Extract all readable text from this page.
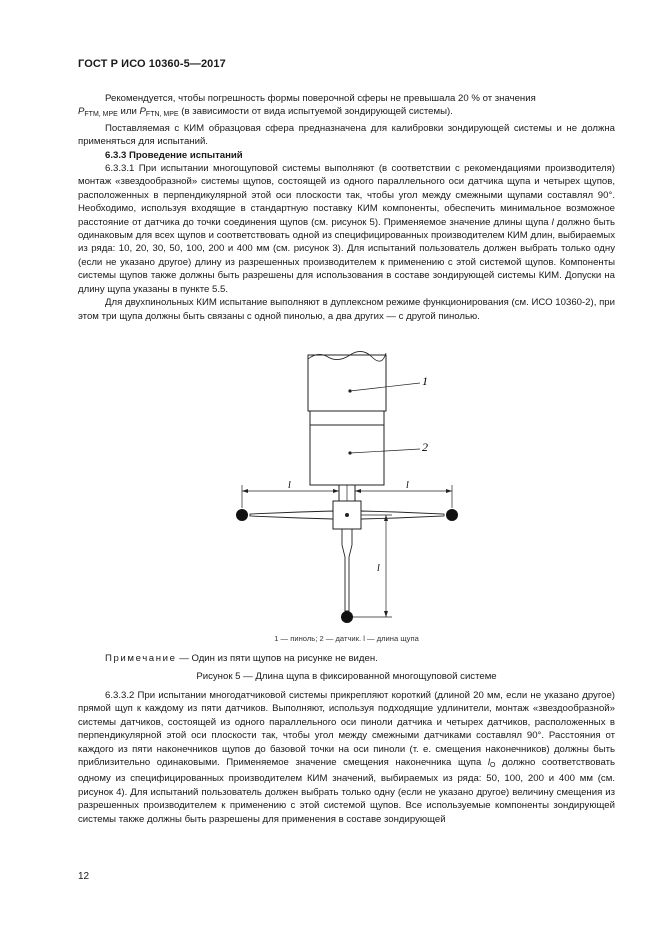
ГОСТ Р ИСО 10360-5—2017

Рекомендуется, чтобы погрешность формы поверочной сферы не превышала 20 % от значения

$P_{FTM, MPE}$ или $P_{FTN, MPE}$ (в зависимости от вида испытуемой зондирующей системы).

Поставляемая с КИМ образцовая сфера предназначена для калибровки зондирующей системы и не должна применяться для испытаний.

6.3.3 Проведение испытаний

6.3.3.1 При испытании многощуповой системы выполняют (в соответствии с рекомендациями производителя) монтаж «звездообразной» системы щупов, состоящей из одного параллельного оси датчика щупа и четырех щупов, расположенных в перпендикулярной этой оси плоскости так, чтобы угол между смежными щупами составлял 90°. Необходимо, используя входящие в стандартную поставку КИМ компоненты, обеспечить минимальное возможное расстояние от датчика до точки соединения щупов (см. рисунок 5). Применяемое значение длины щупа l должно быть одинаковым для всех щупов и соответствовать одной из специфицированных производителем КИМ длин, выбираемых из ряда: 10, 20, 30, 50, 100, 200 и 400 мм (см. рисунок 3). Для испытаний пользователь должен выбрать только одну (если не указано другое) длину из разрешенных производителем к применению с этой системой щупов. Компоненты системы щупов также должны быть разрешены для использования в составе зондирующей системы КИМ. Допуски на длину щупа указаны в пункте 5.5.

Для двухпинольных КИМ испытание выполняют в дуплексном режиме функционирования (см. ИСО 10360-2), при этом три щупа должны быть связаны с одной пинолью, а два других — с другой пинолью.

1
2
l	l
l
1 — пиноль; 2 — датчик. l — длина щупа
Примечание — Один из пяти щупов на рисунке не виден.
Рисунок 5 — Длина щупа в фиксированной многощуповой системе

6.3.3.2 При испытании многодатчиковой системы прикрепляют короткий (длиной 20 мм, если не указано другое) прямой щуп к каждому из пяти датчиков. Выполняют, используя подходящие удлинители, монтаж «звездообразной» системы датчиков, состоящей из одного параллельного оси пиноли датчика и четырех датчиков, расположенных в перпендикулярной этой оси плоскости так, чтобы угол между смежными датчиками составлял 90°. Расстояния от каждого из пяти наконечников щупов до базовой точки на оси пиноли (т. е. смещения наконечников) должны быть приблизительно одинаковыми. Применяемое значение смещения наконечника щупа $l_O$ должно соответствовать одному из специфицированных производителем КИМ значений, выбираемых из ряда: 50, 100, 200 и 400 мм (см. рисунок 4). Для испытаний пользователь должен выбрать только одну (если не указано другое) величину смещения из разрешенных производителем к применению с этой системой щупов. Все используемые компоненты зондирующей системы также должны быть разрешены для применения в составе зондирующей

12
